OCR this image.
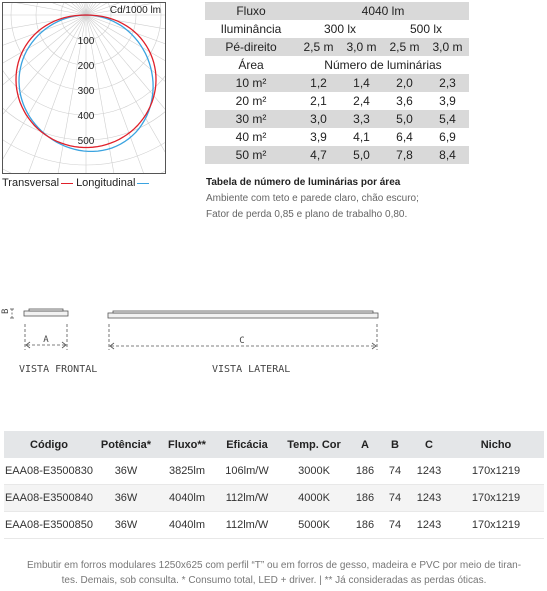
Cd/1000 lm
100
200
300
400
500
Transversal Longitudinal
Fluxo	4040 lm			
Iluminância	300 lx		500 lx	
Pé-direito	2,5 m	3,0 m	2,5 m	3,0 m
Área	Número de luminárias			
10 m²	1,2	1,4	2,0	2,3
20 m²	2,1	2,4	3,6	3,9
30 m²	3,0	3,3	5,0	5,4
40 m²	3,9	4,1	6,4	6,9
50 m²	4,7	5,0	7,8	8,4
Tabela de número de luminárias por área
Ambiente com teto e parede claro, chão escuro;
Fator de perda 0,85 e plano de trabalho 0,80.
B
A	C
VISTA FRONTAL	VISTA LATERAL
Código	Potência*	Fluxo**	Eficácia	Temp. Cor	A	B	C	Nicho
EAA08-E3500830	36W	3825lm	106lm/W	3000K	186	74	1243	170x1219
EAA08-E3500840	36W	4040lm	112lm/W	4000K	186	74	1243	170x1219
EAA08-E3500850	36W	4040lm	112lm/W	5000K	186	74	1243	170x1219
Embutir em forros modulares 1250x625 com perfil “T” ou em forros de gesso, madeira e PVC por meio de tiran-
tes. Demais, sob consulta. * Consumo total, LED + driver. | ** Já consideradas as perdas óticas.
